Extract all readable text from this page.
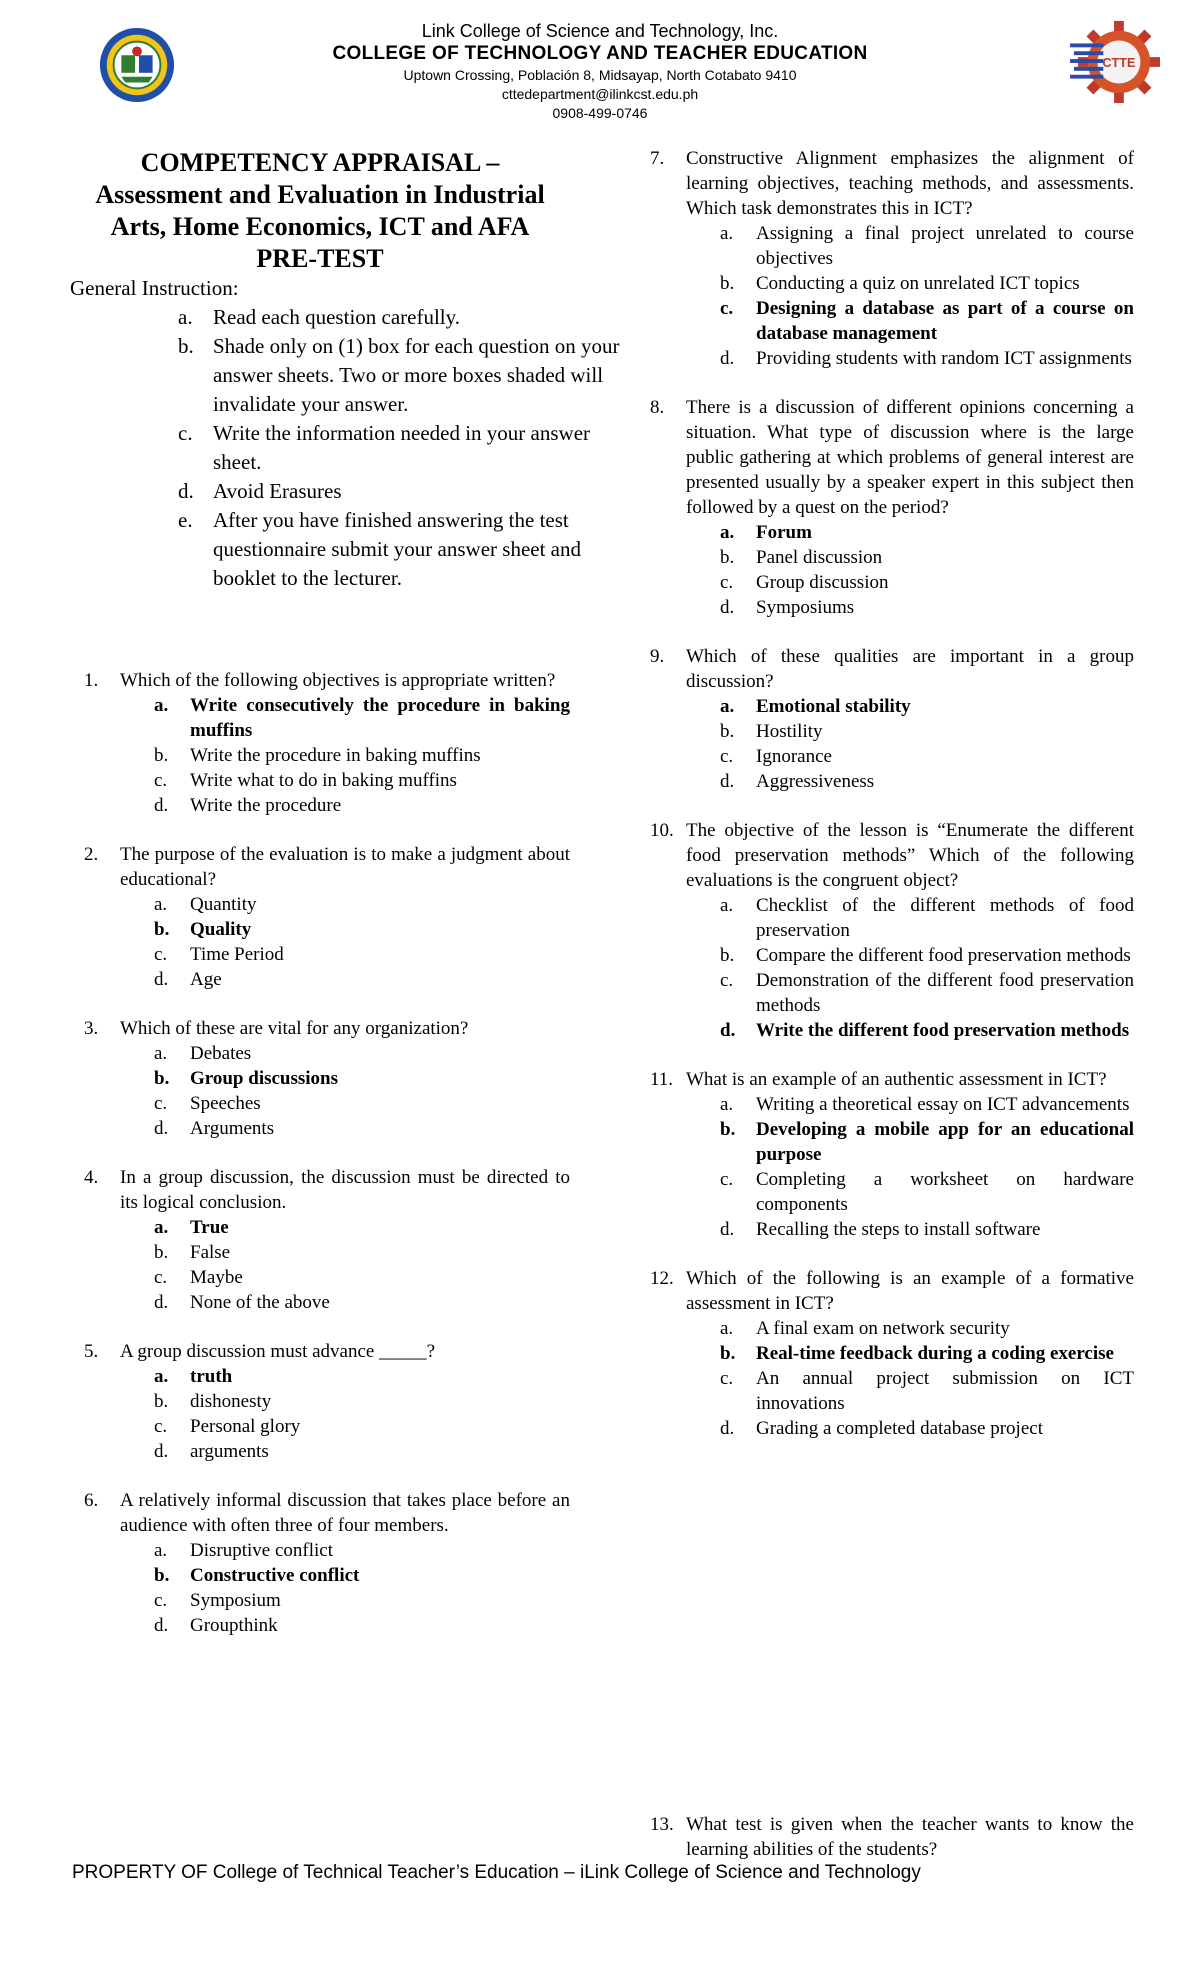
CTTE
Link College of Science and Technology, Inc.
COLLEGE OF TECHNOLOGY AND TEACHER EDUCATION
Uptown Crossing, Población 8, Midsayap, North Cotabato 9410
cttedepartment@ilinkcst.edu.ph
0908-499-0746
COMPETENCY APPRAISAL –
Assessment and Evaluation in Industrial
Arts, Home Economics, ICT and AFA
PRE-TEST
General Instruction:
a. Read each question carefully.
b. Shade only on (1) box for each question on your answer sheets. Two or more boxes shaded will invalidate your answer.
c. Write the information needed in your answer sheet.
d. Avoid Erasures
e. After you have finished answering the test questionnaire submit your answer sheet and booklet to the lecturer.
1. Which of the following objectives is appropriate written?
a. Write consecutively the procedure in baking muffins
b. Write the procedure in baking muffins
c. Write what to do in baking muffins
d. Write the procedure
2. The purpose of the evaluation is to make a judgment about educational?
a. Quantity
b. Quality
c. Time Period
d. Age
3. Which of these are vital for any organization?
a. Debates
b. Group discussions
c. Speeches
d. Arguments
4. In a group discussion, the discussion must be directed to its logical conclusion.
a. True
b. False
c. Maybe
d. None of the above
5. A group discussion must advance _____?
a. truth
b. dishonesty
c. Personal glory
d. arguments
6. A relatively informal discussion that takes place before an audience with often three of four members.
a. Disruptive conflict
b. Constructive conflict
c. Symposium
d. Groupthink
7. Constructive Alignment emphasizes the alignment of learning objectives, teaching methods, and assessments. Which task demonstrates this in ICT?
a. Assigning a final project unrelated to course objectives
b. Conducting a quiz on unrelated ICT topics
c. Designing a database as part of a course on database management
d. Providing students with random ICT assignments
8. There is a discussion of different opinions concerning a situation. What type of discussion where is the large public gathering at which problems of general interest are presented usually by a speaker expert in this subject then followed by a quest on the period?
a. Forum
b. Panel discussion
c. Group discussion
d. Symposiums
9. Which of these qualities are important in a group discussion?
a. Emotional stability
b. Hostility
c. Ignorance
d. Aggressiveness
10. The objective of the lesson is “Enumerate the different food preservation methods” Which of the following evaluations is the congruent object?
a. Checklist of the different methods of food preservation
b. Compare the different food preservation methods
c. Demonstration of the different food preservation methods
d. Write the different food preservation methods
11. What is an example of an authentic assessment in ICT?
a. Writing a theoretical essay on ICT advancements
b. Developing a mobile app for an educational purpose
c. Completing a worksheet on hardware components
d. Recalling the steps to install software
12. Which of the following is an example of a formative assessment in ICT?
a. A final exam on network security
b. Real-time feedback during a coding exercise
c. An annual project submission on ICT innovations
d. Grading a completed database project
13. What test is given when the teacher wants to know the learning abilities of the students?
PROPERTY OF College of Technical Teacher’s Education – iLink College of Science and Technology
